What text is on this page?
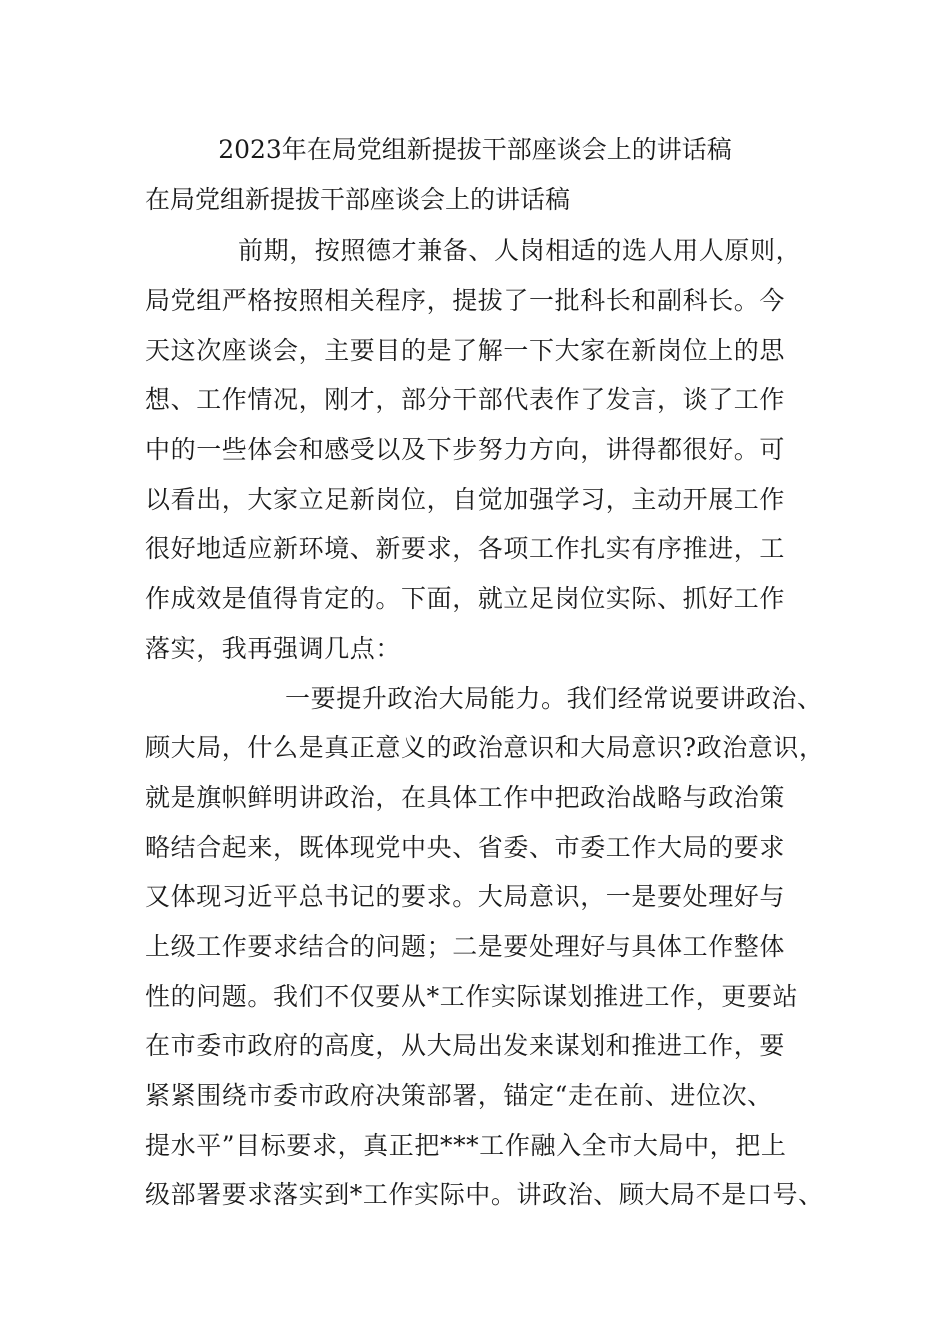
2023年在局党组新提拔干部座谈会上的讲话稿
在局党组新提拔干部座谈会上的讲话稿
前期，按照德才兼备、人岗相适的选人用人原则，
局党组严格按照相关程序，提拔了一批科长和副科长。今
天这次座谈会，主要目的是了解一下大家在新岗位上的思
想、工作情况，刚才，部分干部代表作了发言，谈了工作
中的一些体会和感受以及下步努力方向，讲得都很好。可
以看出，大家立足新岗位，自觉加强学习，主动开展工作
很好地适应新环境、新要求，各项工作扎实有序推进，工
作成效是值得肯定的。下面，就立足岗位实际、抓好工作
落实，我再强调几点：
一要提升政治大局能力。我们经常说要讲政治、
顾大局，什么是真正意义的政治意识和大局意识?政治意识，
就是旗帜鲜明讲政治，在具体工作中把政治战略与政治策
略结合起来，既体现党中央、省委、市委工作大局的要求
又体现习近平总书记的要求。大局意识，一是要处理好与
上级工作要求结合的问题；二是要处理好与具体工作整体
性的问题。我们不仅要从*工作实际谋划推进工作，更要站
在市委市政府的高度，从大局出发来谋划和推进工作，要
紧紧围绕市委市政府决策部署，锚定“走在前、进位次、
提水平”目标要求，真正把***工作融入全市大局中，把上
级部署要求落实到*工作实际中。讲政治、顾大局不是口号、
